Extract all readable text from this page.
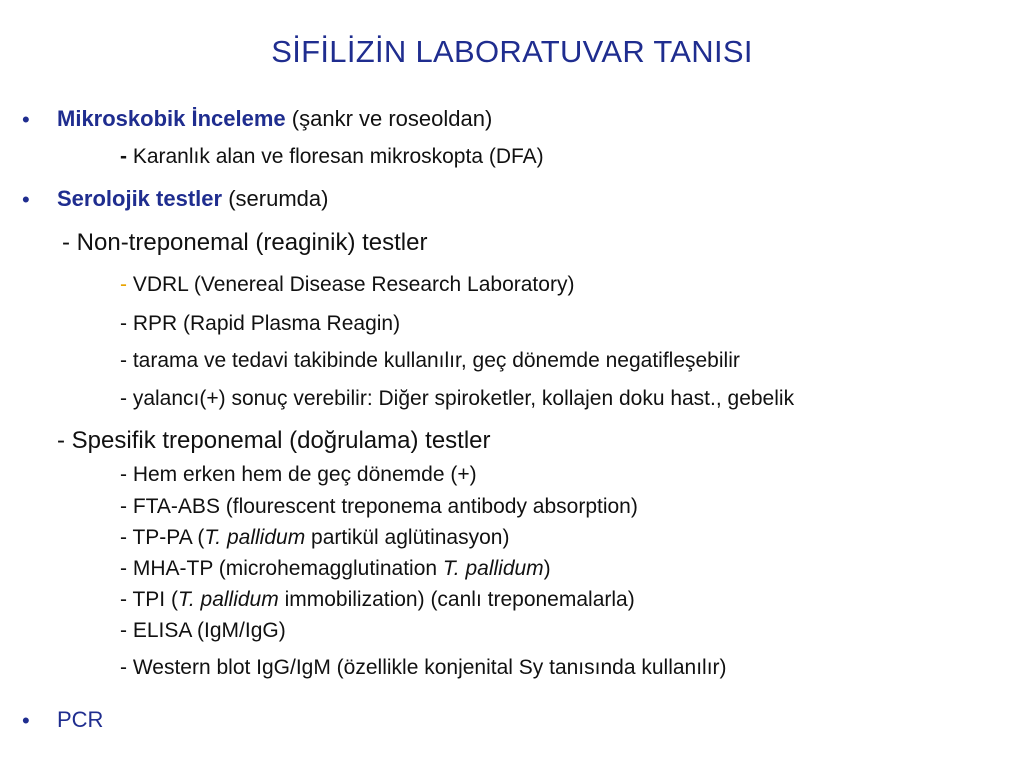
SİFİLİZİN LABORATUVAR TANISI
• Mikroskobik İnceleme (şankr ve roseoldan)
- Karanlık alan ve floresan mikroskopta (DFA)
• Serolojik testler (serumda)
- Non-treponemal (reaginik) testler
- VDRL (Venereal Disease Research Laboratory)
- RPR (Rapid Plasma Reagin)
- tarama ve tedavi takibinde kullanılır, geç dönemde negatifleşebilir
- yalancı(+) sonuç verebilir: Diğer spiroketler, kollajen doku hast., gebelik
- Spesifik treponemal (doğrulama) testler
- Hem erken hem de geç dönemde (+)
- FTA-ABS (flourescent treponema antibody absorption)
- TP-PA (T. pallidum partikül aglütinasyon)
- MHA-TP (microhemagglutination T. pallidum)
- TPI (T. pallidum immobilization) (canlı treponemalarla)
- ELISA (IgM/IgG)
- Western blot IgG/IgM (özellikle konjenital Sy tanısında kullanılır)
• PCR
